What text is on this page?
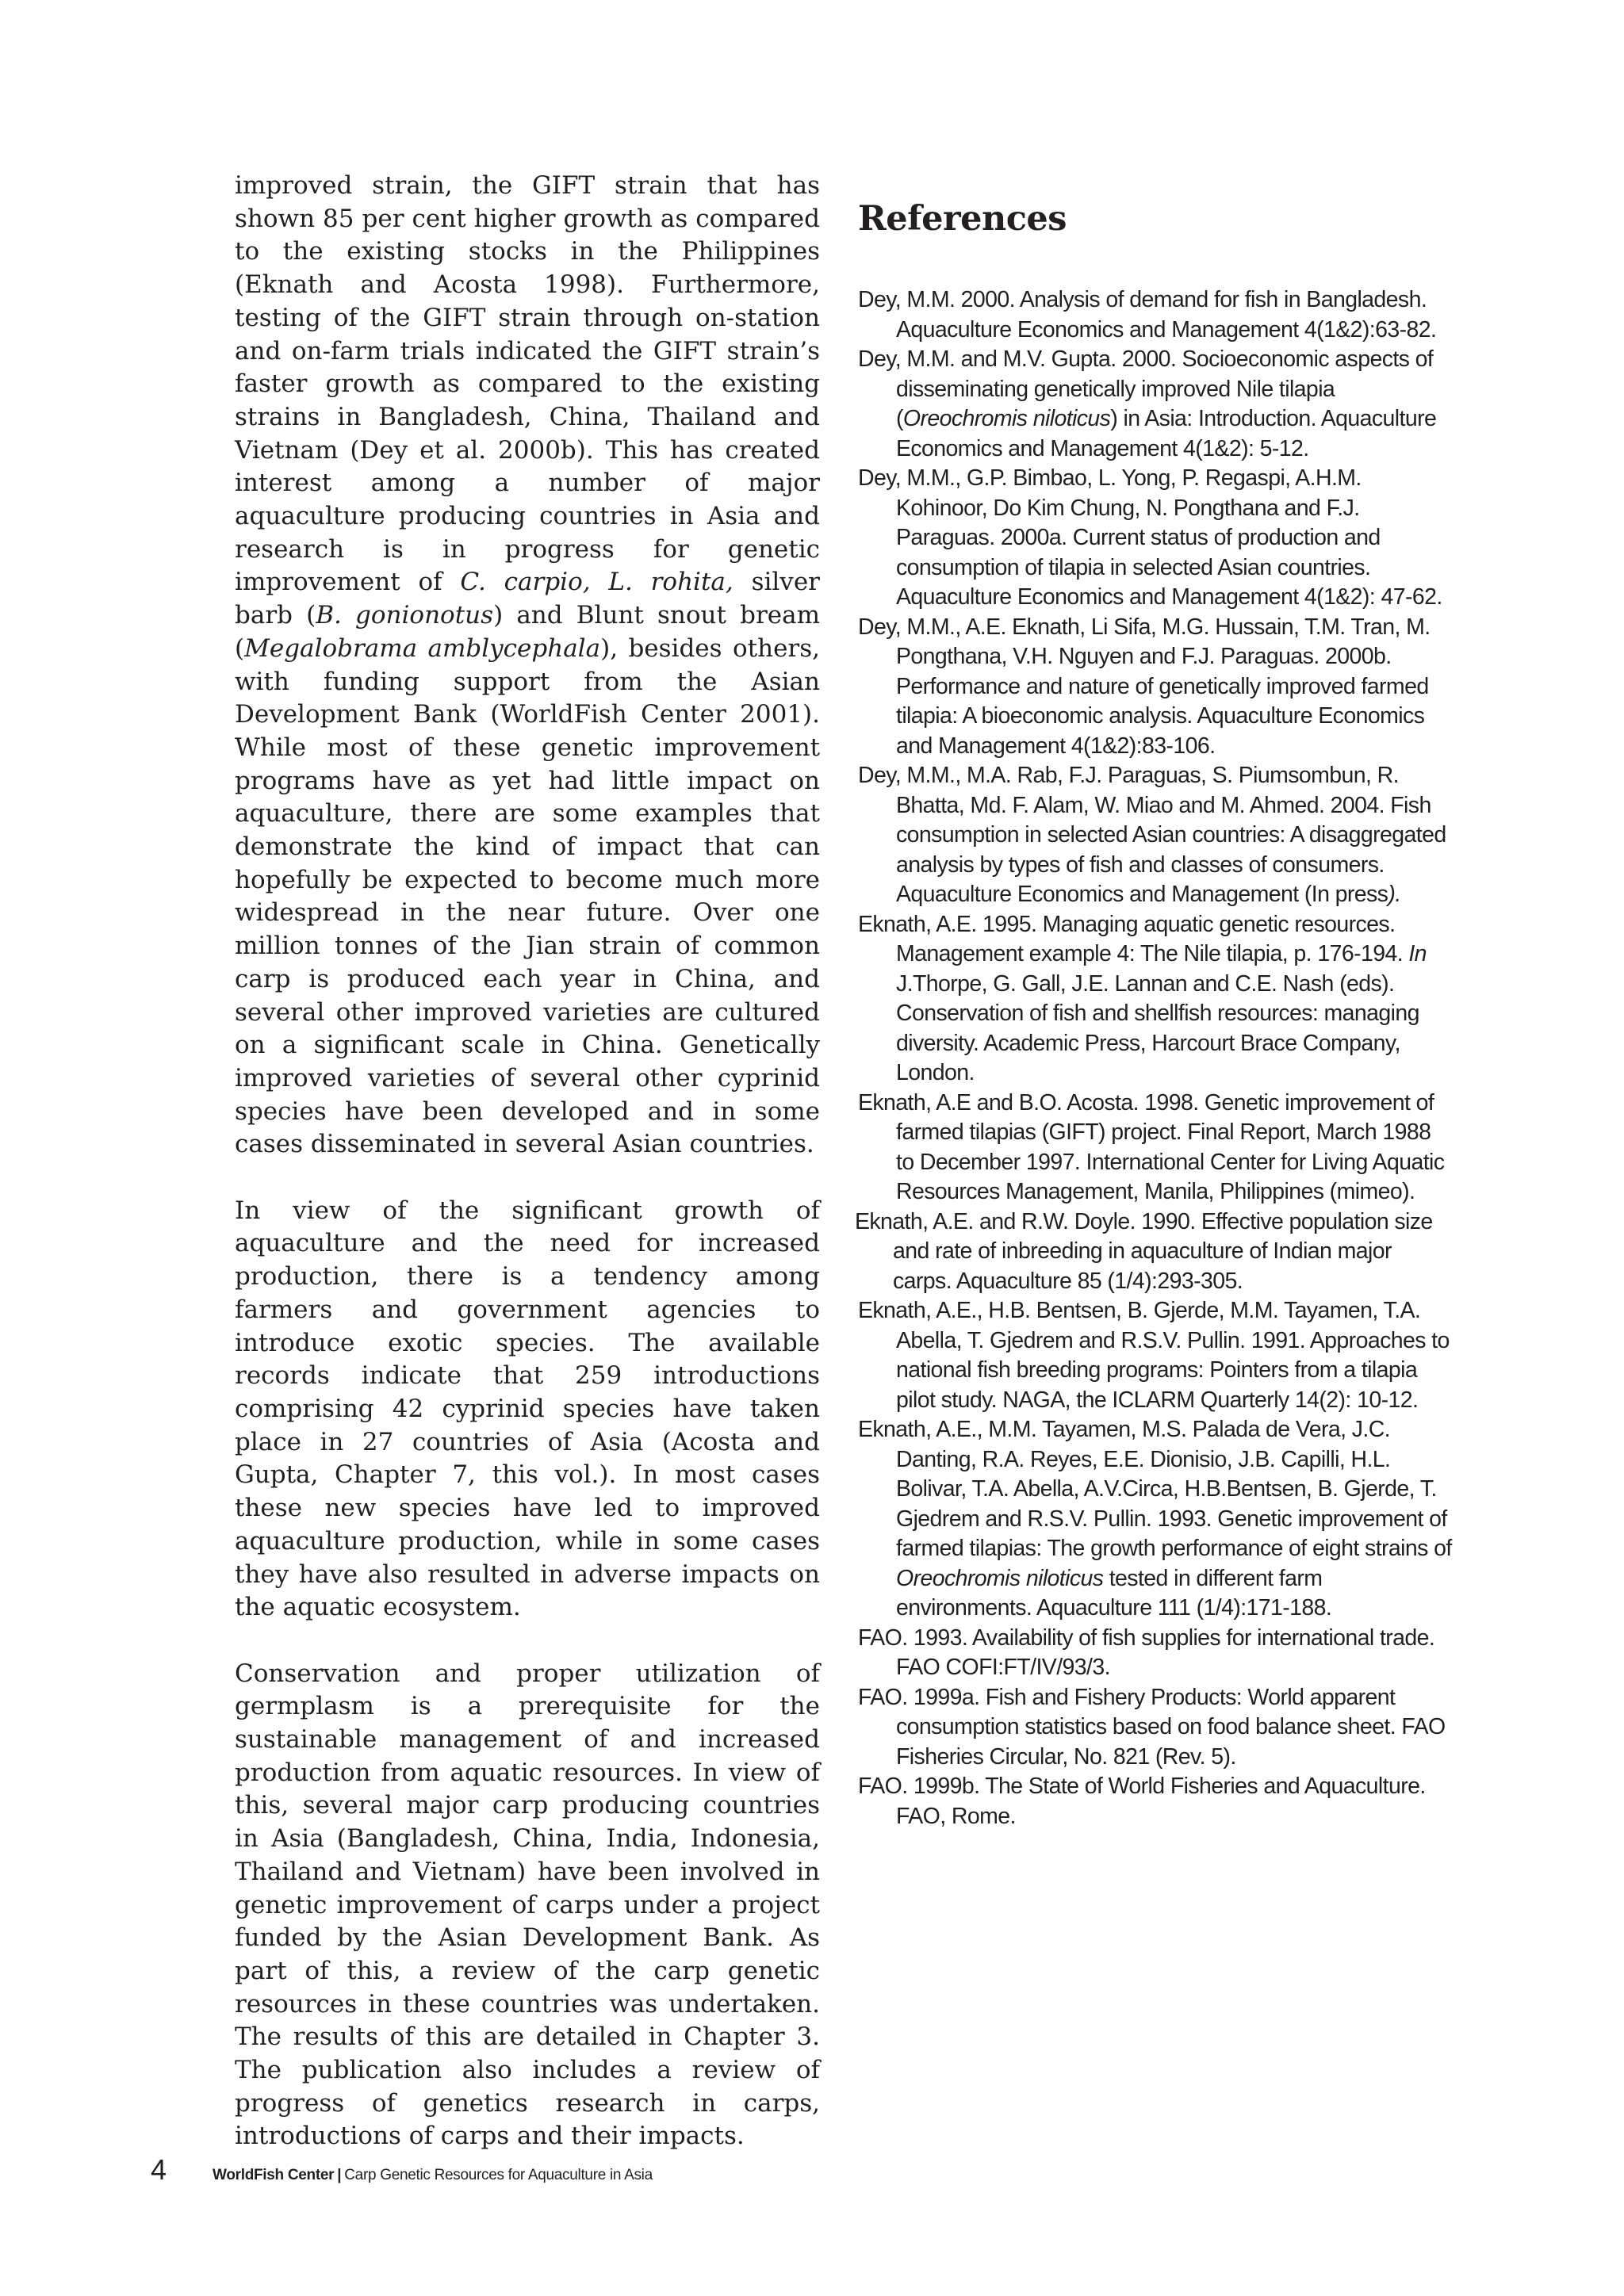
improved strain, the GIFT strain that has shown 85 per cent higher growth as compared to the existing stocks in the Philippines (Eknath and Acosta 1998). Furthermore, testing of the GIFT strain through on-station and on-farm trials indicated the GIFT strain’s faster growth as compared to the existing strains in Bangladesh, China, Thailand and Vietnam (Dey et al. 2000b). This has created interest among a number of major aquaculture producing countries in Asia and research is in progress for genetic improvement of C. carpio, L. rohita, silver barb (B. gonionotus) and Blunt snout bream (Megalobrama amblycephala), besides others, with funding support from the Asian Development Bank (WorldFish Center 2001). While most of these genetic improvement programs have as yet had little impact on aquaculture, there are some examples that demonstrate the kind of impact that can hopefully be expected to become much more widespread in the near future. Over one million tonnes of the Jian strain of common carp is produced each year in China, and several other improved varieties are cultured on a significant scale in China. Genetically improved varieties of several other cyprinid species have been developed and in some cases disseminated in several Asian countries.

In view of the significant growth of aquaculture and the need for increased production, there is a tendency among farmers and government agencies to introduce exotic species. The available records indicate that 259 introductions comprising 42 cyprinid species have taken place in 27 countries of Asia (Acosta and Gupta, Chapter 7, this vol.). In most cases these new species have led to improved aquaculture production, while in some cases they have also resulted in adverse impacts on the aquatic ecosystem.

Conservation and proper utilization of germplasm is a prerequisite for the sustainable management of and increased production from aquatic resources. In view of this, several major carp producing countries in Asia (Bangladesh, China, India, Indonesia, Thailand and Vietnam) have been involved in genetic improvement of carps under a project funded by the Asian Development Bank. As part of this, a review of the carp genetic resources in these countries was undertaken. The results of this are detailed in Chapter 3. The publication also includes a review of progress of genetics research in carps, introductions of carps and their impacts.

References
Dey, M.M. 2000. Analysis of demand for fish in Bangladesh. Aquaculture Economics and Management 4(1&2):63-82.
Dey, M.M. and M.V. Gupta. 2000. Socioeconomic aspects of disseminating genetically improved Nile tilapia (Oreochromis niloticus) in Asia: Introduction. Aquaculture Economics and Management 4(1&2): 5-12.
Dey, M.M., G.P. Bimbao, L. Yong, P. Regaspi, A.H.M. Kohinoor, Do Kim Chung, N. Pongthana and F.J. Paraguas. 2000a. Current status of production and consumption of tilapia in selected Asian countries. Aquaculture Economics and Management 4(1&2): 47-62.
Dey, M.M., A.E. Eknath, Li Sifa, M.G. Hussain, T.M. Tran, M. Pongthana, V.H. Nguyen and F.J. Paraguas. 2000b. Performance and nature of genetically improved farmed tilapia: A bioeconomic analysis. Aquaculture Economics and Management 4(1&2):83-106.
Dey, M.M., M.A. Rab, F.J. Paraguas, S. Piumsombun, R. Bhatta, Md. F. Alam, W. Miao and M. Ahmed. 2004. Fish consumption in selected Asian countries: A disaggregated analysis by types of fish and classes of consumers. Aquaculture Economics and Management (In press).
Eknath, A.E. 1995. Managing aquatic genetic resources. Management example 4: The Nile tilapia, p. 176-194. In J.Thorpe, G. Gall, J.E. Lannan and C.E. Nash (eds). Conservation of fish and shellfish resources: managing diversity. Academic Press, Harcourt Brace Company, London.
Eknath, A.E and B.O. Acosta. 1998. Genetic improvement of farmed tilapias (GIFT) project. Final Report, March 1988 to December 1997. International Center for Living Aquatic Resources Management, Manila, Philippines (mimeo).
Eknath, A.E. and R.W. Doyle. 1990. Effective population size and rate of inbreeding in aquaculture of Indian major carps. Aquaculture 85 (1/4):293-305.
Eknath, A.E., H.B. Bentsen, B. Gjerde, M.M. Tayamen, T.A. Abella, T. Gjedrem and R.S.V. Pullin. 1991. Approaches to national fish breeding programs: Pointers from a tilapia pilot study. NAGA, the ICLARM Quarterly 14(2): 10-12.
Eknath, A.E., M.M. Tayamen, M.S. Palada de Vera, J.C. Danting, R.A. Reyes, E.E. Dionisio, J.B. Capilli, H.L. Bolivar, T.A. Abella, A.V.Circa, H.B.Bentsen, B. Gjerde, T. Gjedrem and R.S.V. Pullin. 1993. Genetic improvement of farmed tilapias: The growth performance of eight strains of Oreochromis niloticus tested in different farm environments. Aquaculture 111 (1/4):171-188.
FAO. 1993. Availability of fish supplies for international trade. FAO COFI:FT/IV/93/3.
FAO. 1999a. Fish and Fishery Products: World apparent consumption statistics based on food balance sheet. FAO Fisheries Circular, No. 821 (Rev. 5).
FAO. 1999b. The State of World Fisheries and Aquaculture. FAO, Rome.
4	WorldFish Center | Carp Genetic Resources for Aquaculture in Asia
